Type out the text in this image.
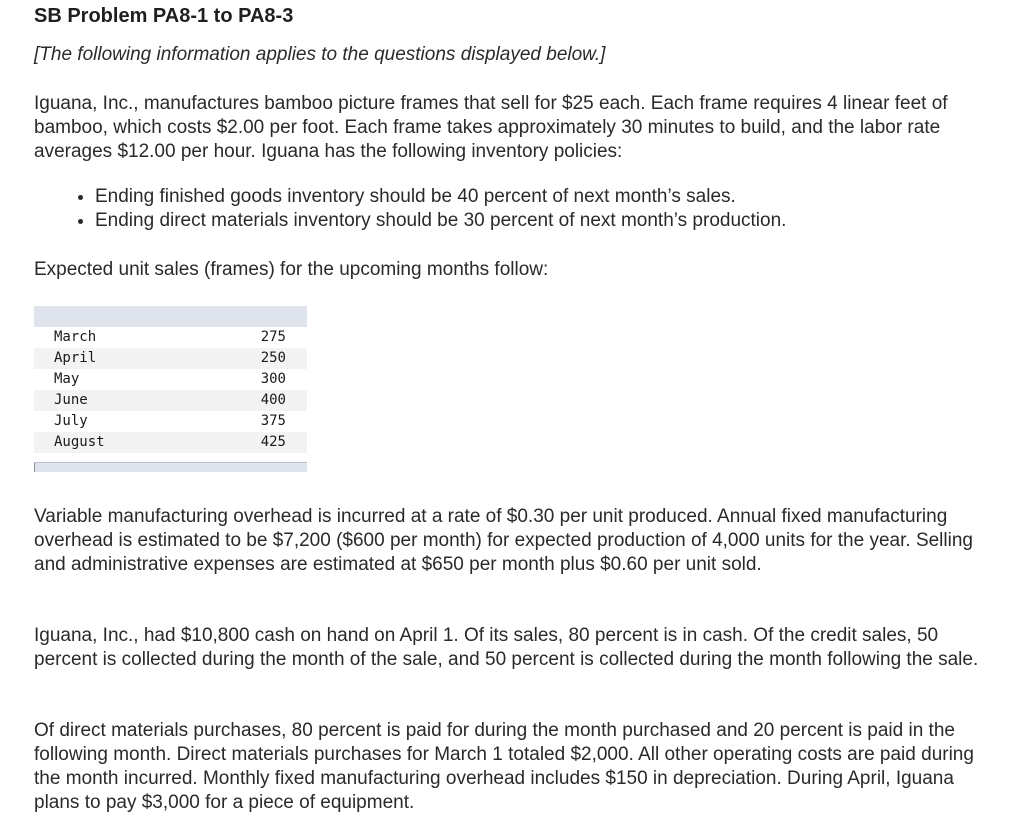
SB Problem PA8-1 to PA8-3

[The following information applies to the questions displayed below.]

Iguana, Inc., manufactures bamboo picture frames that sell for $25 each. Each frame requires 4 linear feet of bamboo, which costs $2.00 per foot. Each frame takes approximately 30 minutes to build, and the labor rate averages $12.00 per hour. Iguana has the following inventory policies:

• Ending finished goods inventory should be 40 percent of next month’s sales.
• Ending direct materials inventory should be 30 percent of next month’s production.

Expected unit sales (frames) for the upcoming months follow:

March	275
April	250
May	300
June	400
July	375
August	425

Variable manufacturing overhead is incurred at a rate of $0.30 per unit produced. Annual fixed manufacturing overhead is estimated to be $7,200 ($600 per month) for expected production of 4,000 units for the year. Selling and administrative expenses are estimated at $650 per month plus $0.60 per unit sold.

Iguana, Inc., had $10,800 cash on hand on April 1. Of its sales, 80 percent is in cash. Of the credit sales, 50 percent is collected during the month of the sale, and 50 percent is collected during the month following the sale.

Of direct materials purchases, 80 percent is paid for during the month purchased and 20 percent is paid in the following month. Direct materials purchases for March 1 totaled $2,000. All other operating costs are paid during the month incurred. Monthly fixed manufacturing overhead includes $150 in depreciation. During April, Iguana plans to pay $3,000 for a piece of equipment.
